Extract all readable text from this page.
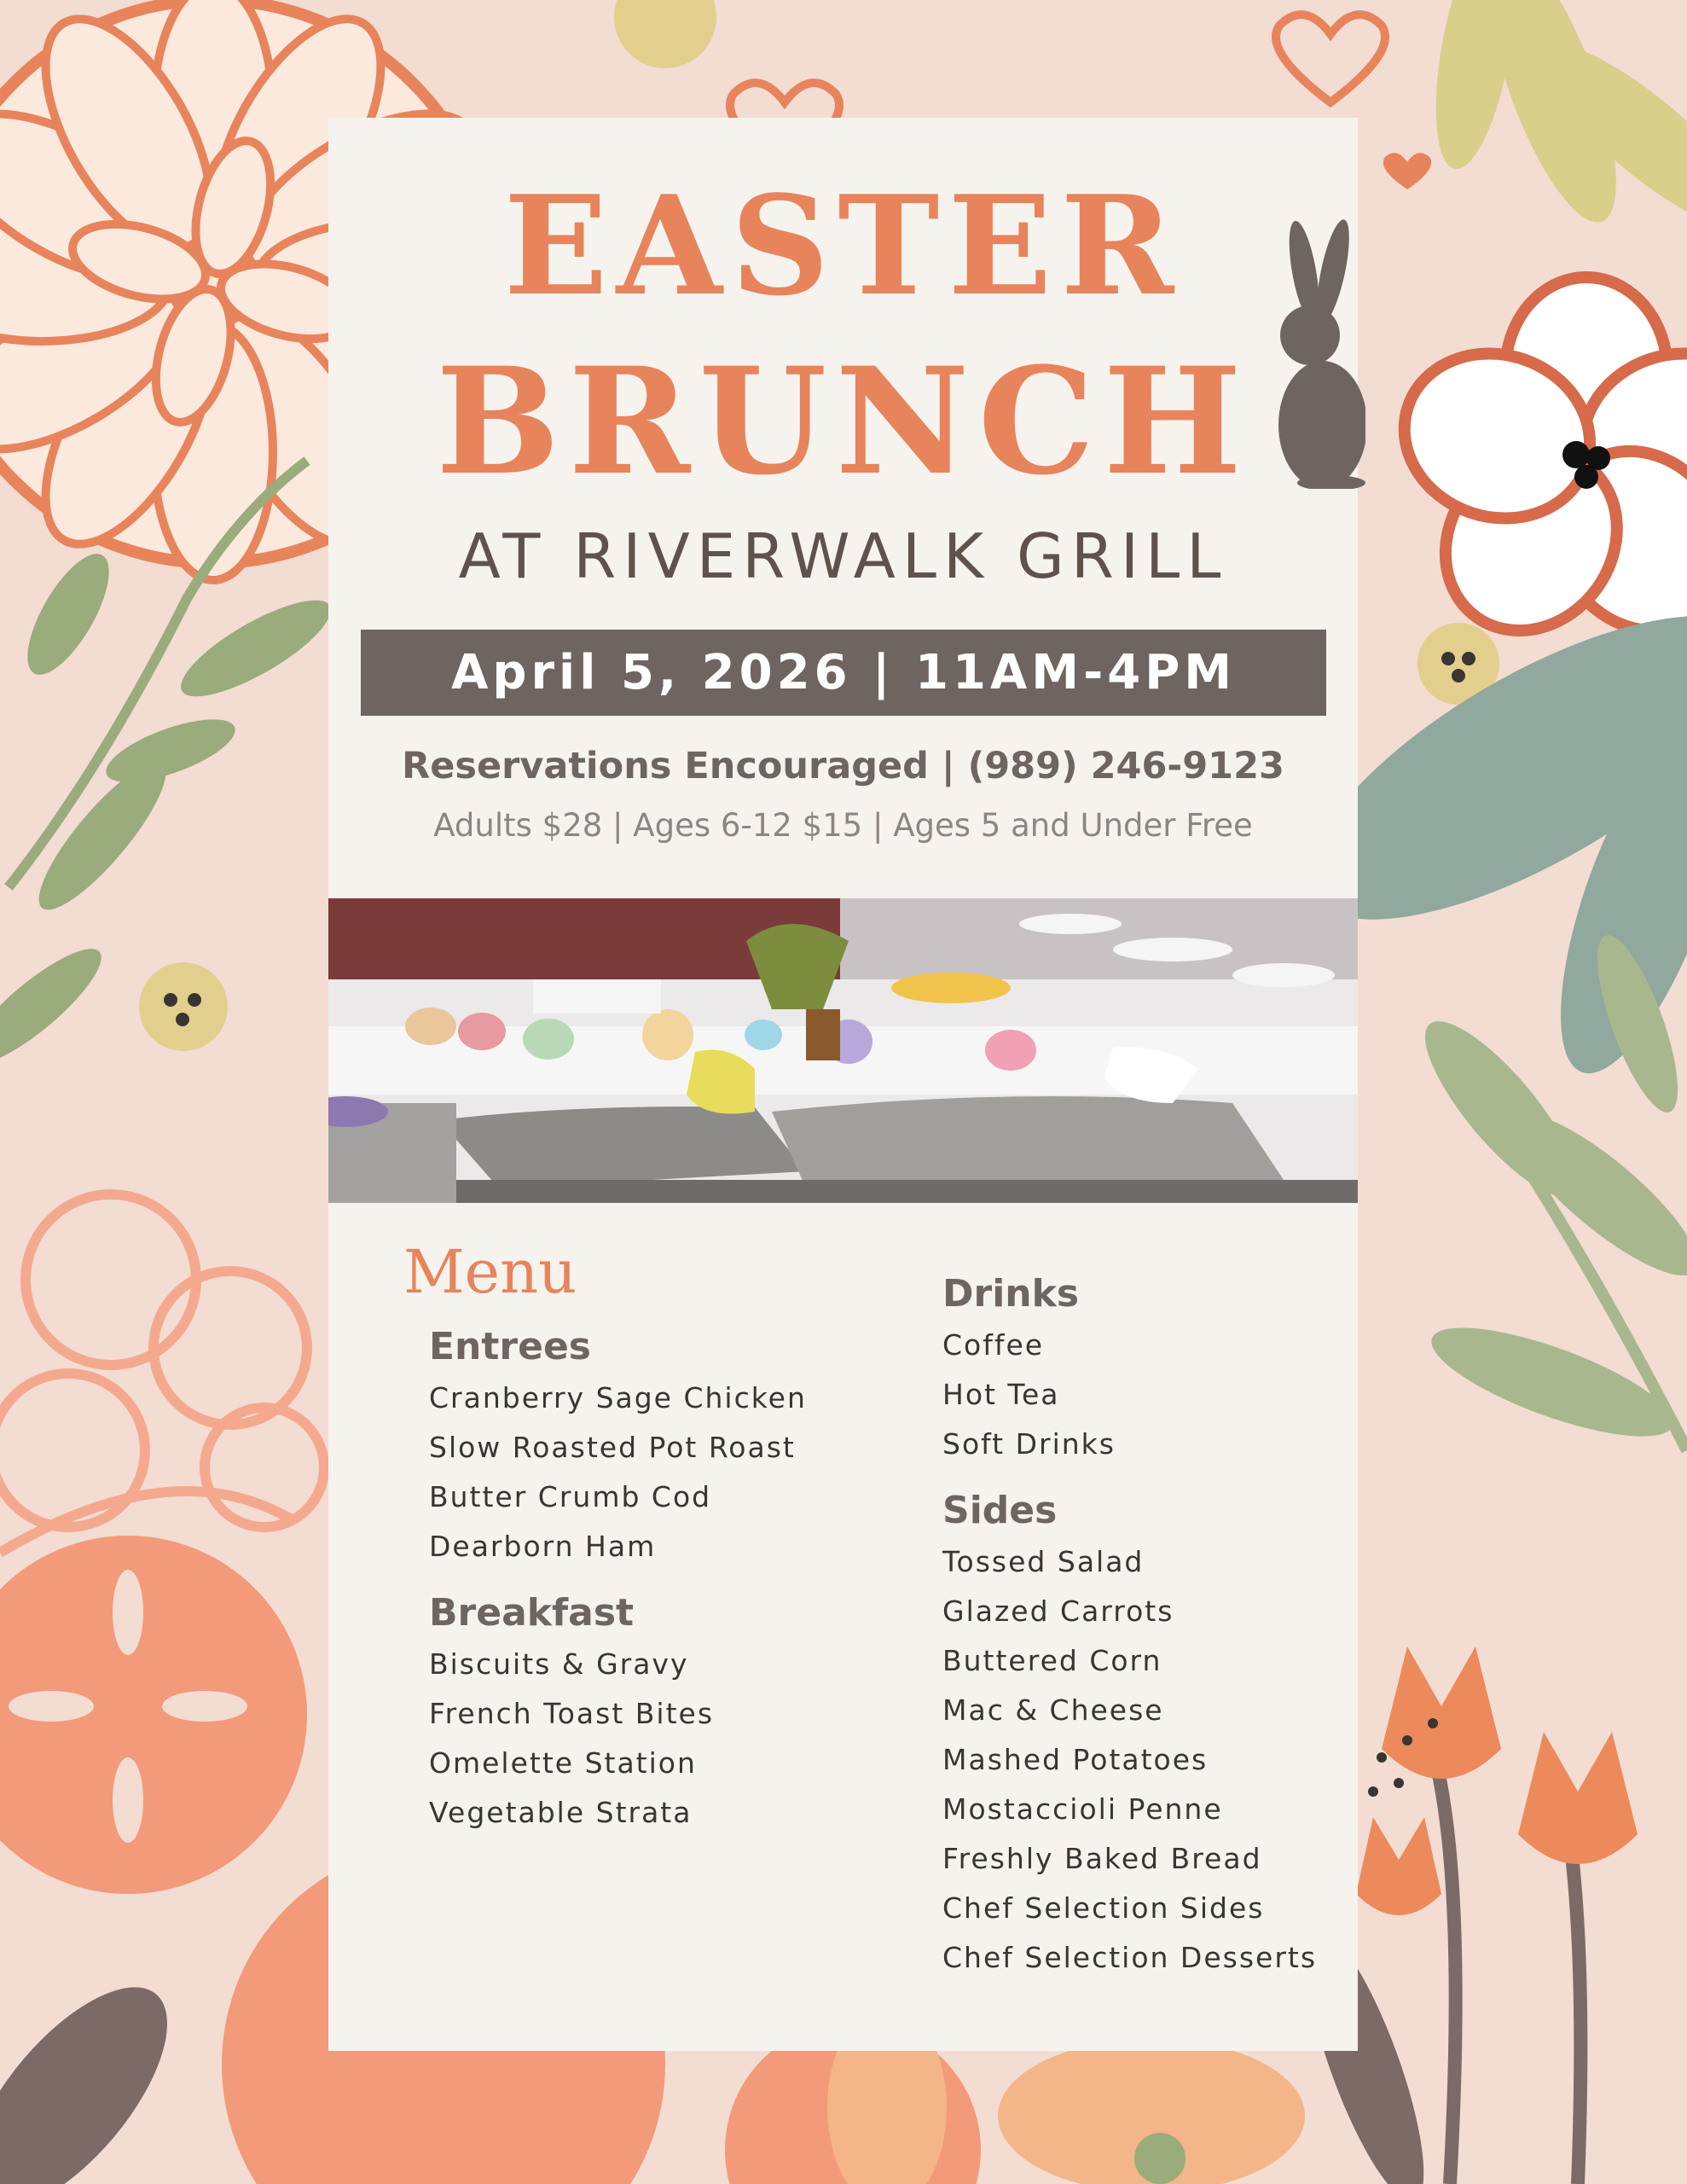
EASTER
BRUNCH
AT RIVERWALK GRILL
April 5, 2026 | 11AM-4PM
Reservations Encouraged | (989) 246-9123
Adults $28 | Ages 6-12 $15 | Ages 5 and Under Free
Menu
Entrees
Cranberry Sage Chicken
Slow Roasted Pot Roast
Butter Crumb Cod
Dearborn Ham
Breakfast
Biscuits & Gravy
French Toast Bites
Omelette Station
Vegetable Strata
Drinks
Coffee
Hot Tea
Soft Drinks
Sides
Tossed Salad
Glazed Carrots
Buttered Corn
Mac & Cheese
Mashed Potatoes
Mostaccioli Penne
Freshly Baked Bread
Chef Selection Sides
Chef Selection Desserts
